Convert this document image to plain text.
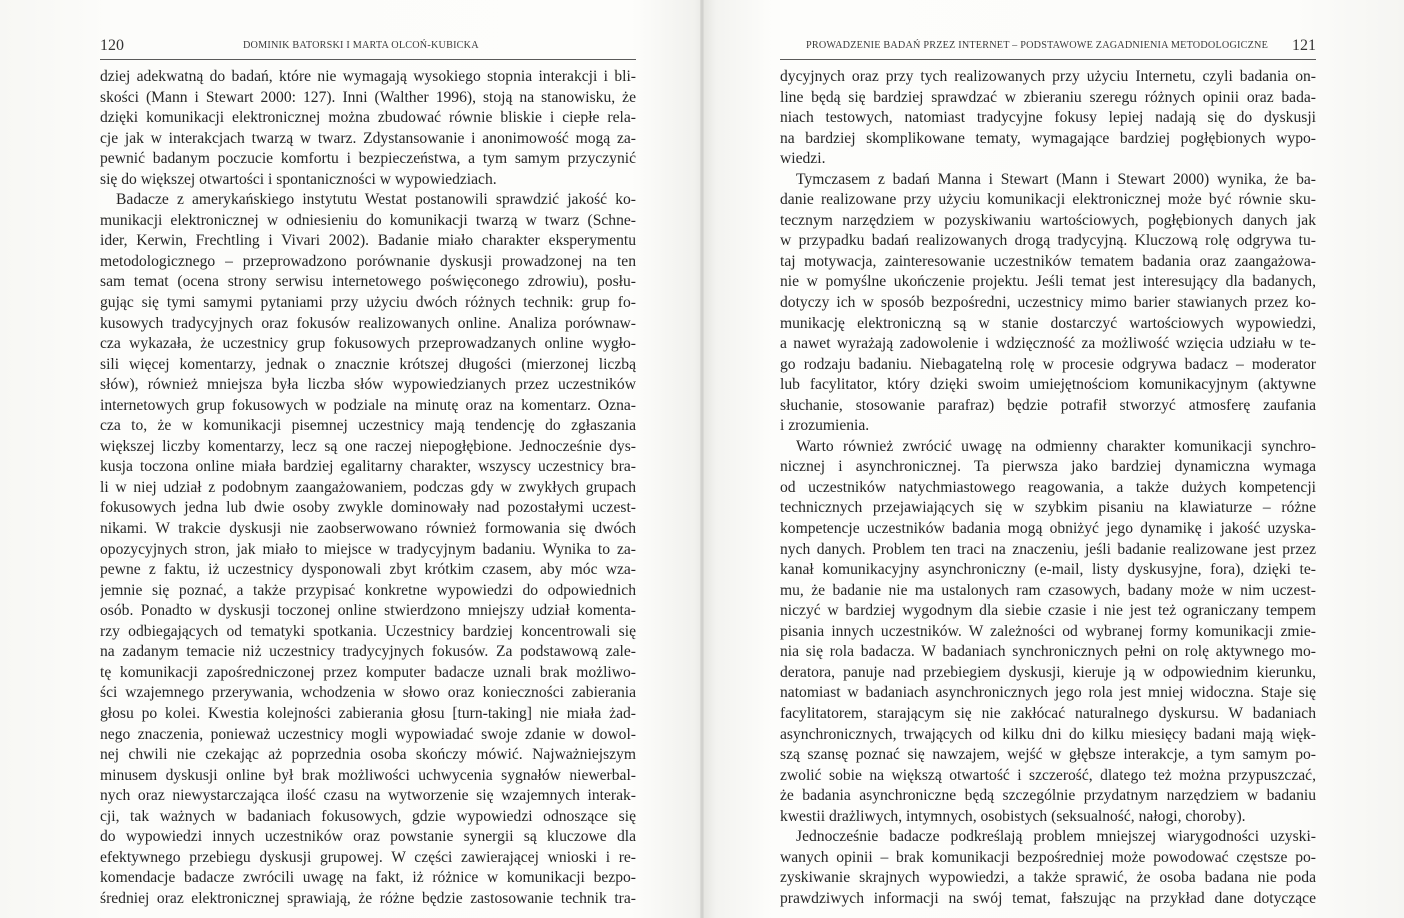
120	DOMINIK BATORSKI I MARTA OLCOŃ-KUBICKA
dziej adekwatną do badań, które nie wymagają wysokiego stopnia interakcji i bli-
skości (Mann i Stewart 2000: 127). Inni (Walther 1996), stoją na stanowisku, że
dzięki komunikacji elektronicznej można zbudować równie bliskie i ciepłe rela-
cje jak w interakcjach twarzą w twarz. Zdystansowanie i anonimowość mogą za-
pewnić badanym poczucie komfortu i bezpieczeństwa, a tym samym przyczynić
się do większej otwartości i spontaniczności w wypowiedziach.
Badacze z amerykańskiego instytutu Westat postanowili sprawdzić jakość ko-
munikacji elektronicznej w odniesieniu do komunikacji twarzą w twarz (Schne-
ider, Kerwin, Frechtling i Vivari 2002). Badanie miało charakter eksperymentu
metodologicznego – przeprowadzono porównanie dyskusji prowadzonej na ten
sam temat (ocena strony serwisu internetowego poświęconego zdrowiu), posłu-
gując się tymi samymi pytaniami przy użyciu dwóch różnych technik: grup fo-
kusowych tradycyjnych oraz fokusów realizowanych online. Analiza porównaw-
cza wykazała, że uczestnicy grup fokusowych przeprowadzanych online wygło-
sili więcej komentarzy, jednak o znacznie krótszej długości (mierzonej liczbą
słów), również mniejsza była liczba słów wypowiedzianych przez uczestników
internetowych grup fokusowych w podziale na minutę oraz na komentarz. Ozna-
cza to, że w komunikacji pisemnej uczestnicy mają tendencję do zgłaszania
większej liczby komentarzy, lecz są one raczej niepogłębione. Jednocześnie dys-
kusja toczona online miała bardziej egalitarny charakter, wszyscy uczestnicy bra-
li w niej udział z podobnym zaangażowaniem, podczas gdy w zwykłych grupach
fokusowych jedna lub dwie osoby zwykle dominowały nad pozostałymi uczest-
nikami. W trakcie dyskusji nie zaobserwowano również formowania się dwóch
opozycyjnych stron, jak miało to miejsce w tradycyjnym badaniu. Wynika to za-
pewne z faktu, iż uczestnicy dysponowali zbyt krótkim czasem, aby móc wza-
jemnie się poznać, a także przypisać konkretne wypowiedzi do odpowiednich
osób. Ponadto w dyskusji toczonej online stwierdzono mniejszy udział komenta-
rzy odbiegających od tematyki spotkania. Uczestnicy bardziej koncentrowali się
na zadanym temacie niż uczestnicy tradycyjnych fokusów. Za podstawową zale-
tę komunikacji zapośredniczonej przez komputer badacze uznali brak możliwo-
ści wzajemnego przerywania, wchodzenia w słowo oraz konieczności zabierania
głosu po kolei. Kwestia kolejności zabierania głosu [turn-taking] nie miała żad-
nego znaczenia, ponieważ uczestnicy mogli wypowiadać swoje zdanie w dowol-
nej chwili nie czekając aż poprzednia osoba skończy mówić. Najważniejszym
minusem dyskusji online był brak możliwości uchwycenia sygnałów niewerbal-
nych oraz niewystarczająca ilość czasu na wytworzenie się wzajemnych interak-
cji, tak ważnych w badaniach fokusowych, gdzie wypowiedzi odnoszące się
do wypowiedzi innych uczestników oraz powstanie synergii są kluczowe dla
efektywnego przebiegu dyskusji grupowej. W części zawierającej wnioski i re-
komendacje badacze zwrócili uwagę na fakt, iż różnice w komunikacji bezpo-
średniej oraz elektronicznej sprawiają, że różne będzie zastosowanie technik tra-
PROWADZENIE BADAŃ PRZEZ INTERNET – PODSTAWOWE ZAGADNIENIA METODOLOGICZNE 121
dycyjnych oraz przy tych realizowanych przy użyciu Internetu, czyli badania on-
line będą się bardziej sprawdzać w zbieraniu szeregu różnych opinii oraz bada-
niach testowych, natomiast tradycyjne fokusy lepiej nadają się do dyskusji
na bardziej skomplikowane tematy, wymagające bardziej pogłębionych wypo-
wiedzi.
Tymczasem z badań Manna i Stewart (Mann i Stewart 2000) wynika, że ba-
danie realizowane przy użyciu komunikacji elektronicznej może być równie sku-
tecznym narzędziem w pozyskiwaniu wartościowych, pogłębionych danych jak
w przypadku badań realizowanych drogą tradycyjną. Kluczową rolę odgrywa tu-
taj motywacja, zainteresowanie uczestników tematem badania oraz zaangażowa-
nie w pomyślne ukończenie projektu. Jeśli temat jest interesujący dla badanych,
dotyczy ich w sposób bezpośredni, uczestnicy mimo barier stawianych przez ko-
munikację elektroniczną są w stanie dostarczyć wartościowych wypowiedzi,
a nawet wyrażają zadowolenie i wdzięczność za możliwość wzięcia udziału w te-
go rodzaju badaniu. Niebagatelną rolę w procesie odgrywa badacz – moderator
lub facylitator, który dzięki swoim umiejętnościom komunikacyjnym (aktywne
słuchanie, stosowanie parafraz) będzie potrafił stworzyć atmosferę zaufania
i zrozumienia.
Warto również zwrócić uwagę na odmienny charakter komunikacji synchro-
nicznej i asynchronicznej. Ta pierwsza jako bardziej dynamiczna wymaga
od uczestników natychmiastowego reagowania, a także dużych kompetencji
technicznych przejawiających się w szybkim pisaniu na klawiaturze – różne
kompetencje uczestników badania mogą obniżyć jego dynamikę i jakość uzyska-
nych danych. Problem ten traci na znaczeniu, jeśli badanie realizowane jest przez
kanał komunikacyjny asynchroniczny (e-mail, listy dyskusyjne, fora), dzięki te-
mu, że badanie nie ma ustalonych ram czasowych, badany może w nim uczest-
niczyć w bardziej wygodnym dla siebie czasie i nie jest też ograniczany tempem
pisania innych uczestników. W zależności od wybranej formy komunikacji zmie-
nia się rola badacza. W badaniach synchronicznych pełni on rolę aktywnego mo-
deratora, panuje nad przebiegiem dyskusji, kieruje ją w odpowiednim kierunku,
natomiast w badaniach asynchronicznych jego rola jest mniej widoczna. Staje się
facylitatorem, starającym się nie zakłócać naturalnego dyskursu. W badaniach
asynchronicznych, trwających od kilku dni do kilku miesięcy badani mają więk-
szą szansę poznać się nawzajem, wejść w głębsze interakcje, a tym samym po-
zwolić sobie na większą otwartość i szczerość, dlatego też można przypuszczać,
że badania asynchroniczne będą szczególnie przydatnym narzędziem w badaniu
kwestii drażliwych, intymnych, osobistych (seksualność, nałogi, choroby).
Jednocześnie badacze podkreślają problem mniejszej wiarygodności uzyski-
wanych opinii – brak komunikacji bezpośredniej może powodować częstsze po-
zyskiwanie skrajnych wypowiedzi, a także sprawić, że osoba badana nie poda
prawdziwych informacji na swój temat, fałszując na przykład dane dotyczące
